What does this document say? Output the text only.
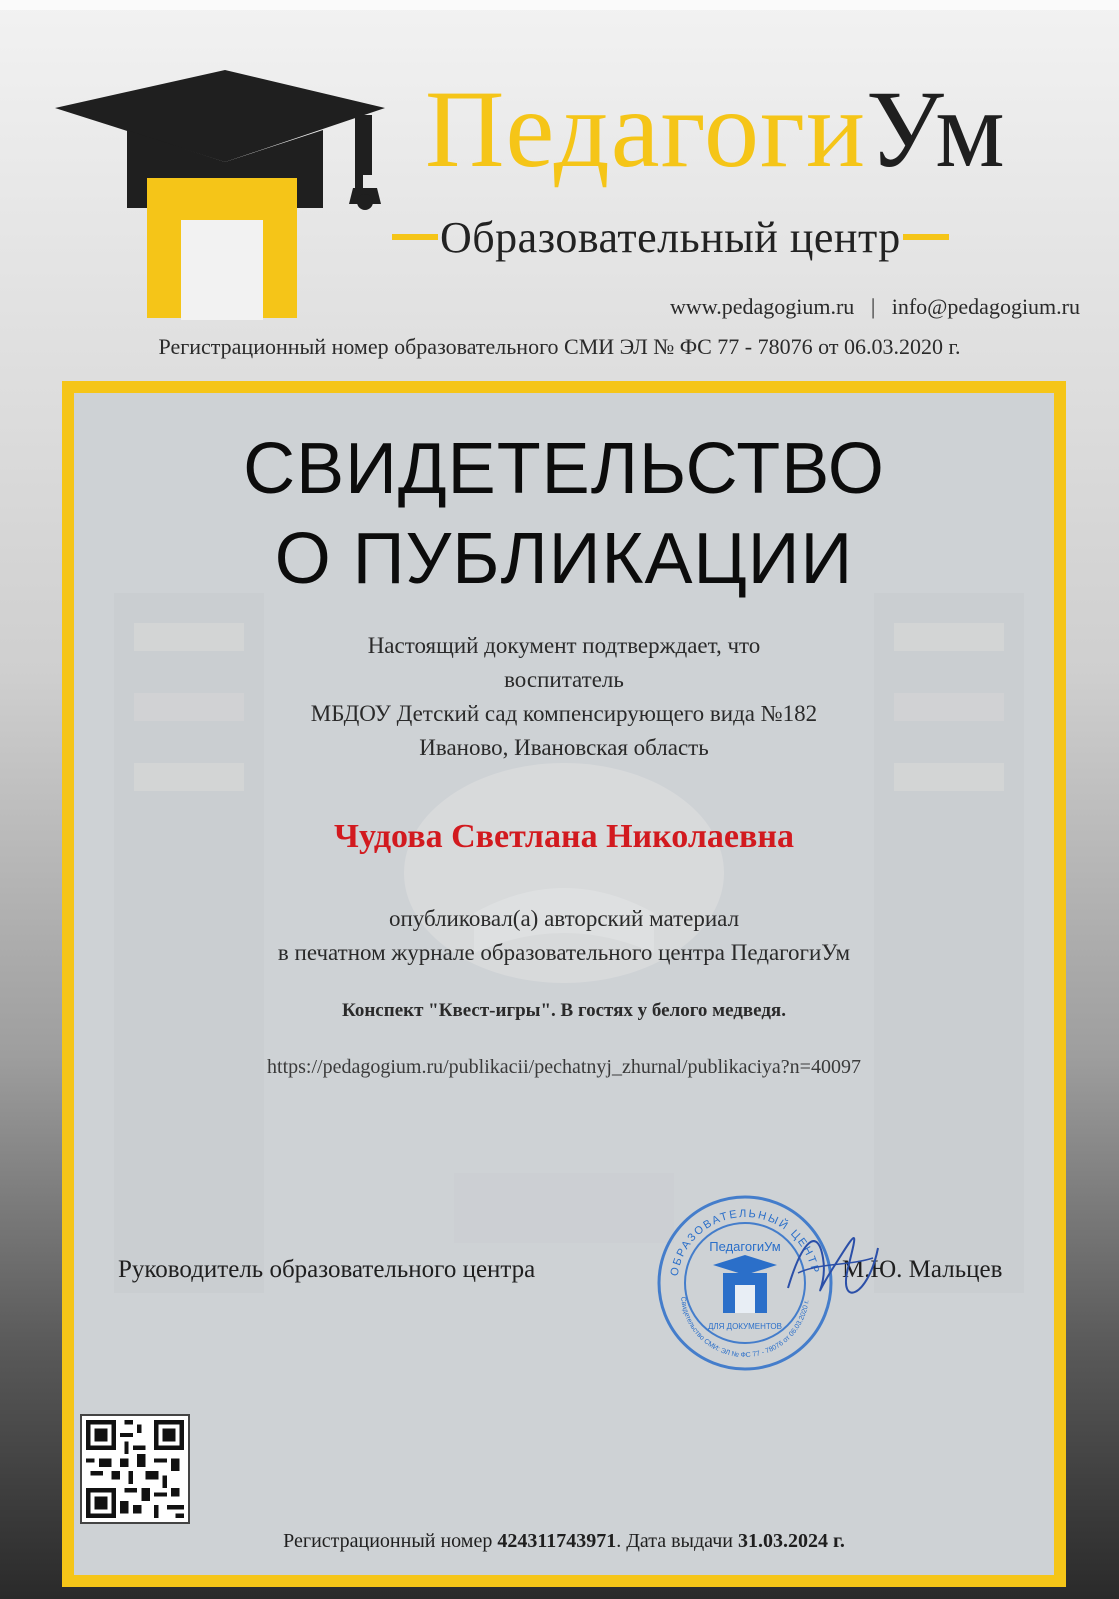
ПедагогиУм
Образовательный центр
www.pedagogium.ru | info@pedagogium.ru
Регистрационный номер образовательного СМИ ЭЛ № ФС 77 - 78076 от 06.03.2020 г.
СВИДЕТЕЛЬСТВО
О ПУБЛИКАЦИИ
Настоящий документ подтверждает, что
воспитатель
МБДОУ Детский сад компенсирующего вида №182
Иваново, Ивановская область
Чудова Светлана Николаевна
опубликовал(а) авторский материал
в печатном журнале образовательного центра ПедагогиУм
Конспект "Квест-игры". В гостях у белого медведя.
https://pedagogium.ru/publikacii/pechatnyj_zhurnal/publikaciya?n=40097
Руководитель образовательного центра	М.Ю. Мальцев
ОБРАЗОВАТЕЛЬНЫЙ ЦЕНТР
Свидетельство СМИ: ЭЛ № ФС 77 - 78076 от 06.03.2020 г.
ПедагогиУм
ДЛЯ ДОКУМЕНТОВ
Регистрационный номер 424311743971. Дата выдачи 31.03.2024 г.
